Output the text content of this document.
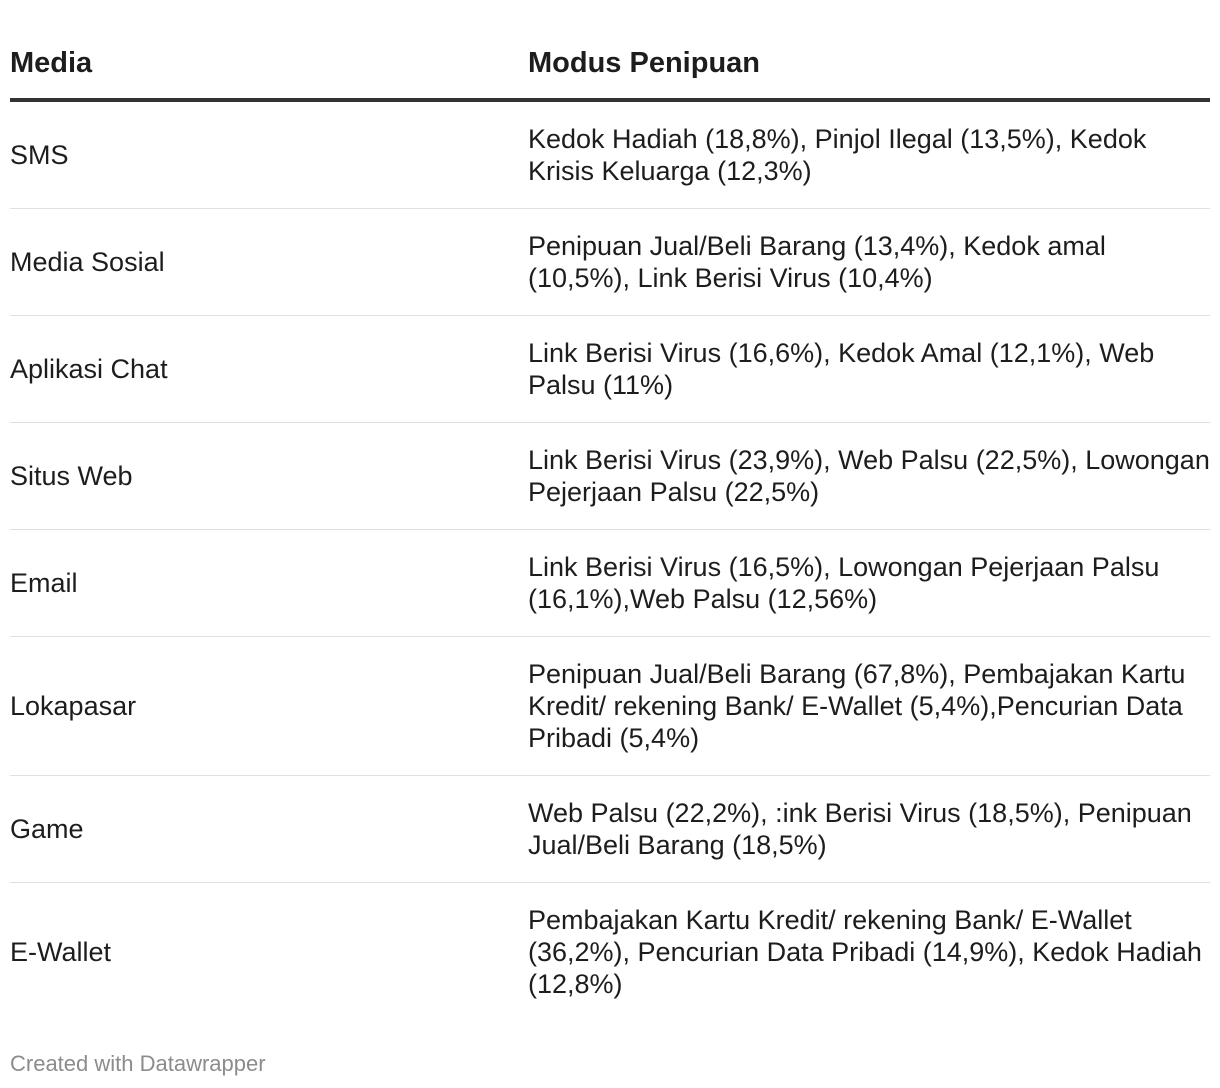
Media	Modus Penipuan
SMS	Kedok Hadiah (18,8%), Pinjol Ilegal (13,5%), Kedok Krisis Keluarga (12,3%)
Media Sosial	Penipuan Jual/Beli Barang (13,4%), Kedok amal (10,5%), Link Berisi Virus (10,4%)
Aplikasi Chat	Link Berisi Virus (16,6%), Kedok Amal (12,1%), Web Palsu (11%)
Situs Web	Link Berisi Virus (23,9%), Web Palsu (22,5%), Lowongan Pejerjaan Palsu (22,5%)
Email	Link Berisi Virus (16,5%), Lowongan Pejerjaan Palsu (16,1%),Web Palsu (12,56%)
Lokapasar	Penipuan Jual/Beli Barang (67,8%), Pembajakan Kartu Kredit/ rekening Bank/ E-Wallet (5,4%),Pencurian Data Pribadi (5,4%)
Game	Web Palsu (22,2%), :ink Berisi Virus (18,5%), Penipuan Jual/Beli Barang (18,5%)
E-Wallet	Pembajakan Kartu Kredit/ rekening Bank/ E-Wallet (36,2%), Pencurian Data Pribadi (14,9%), Kedok Hadiah (12,8%)
Created with Datawrapper
